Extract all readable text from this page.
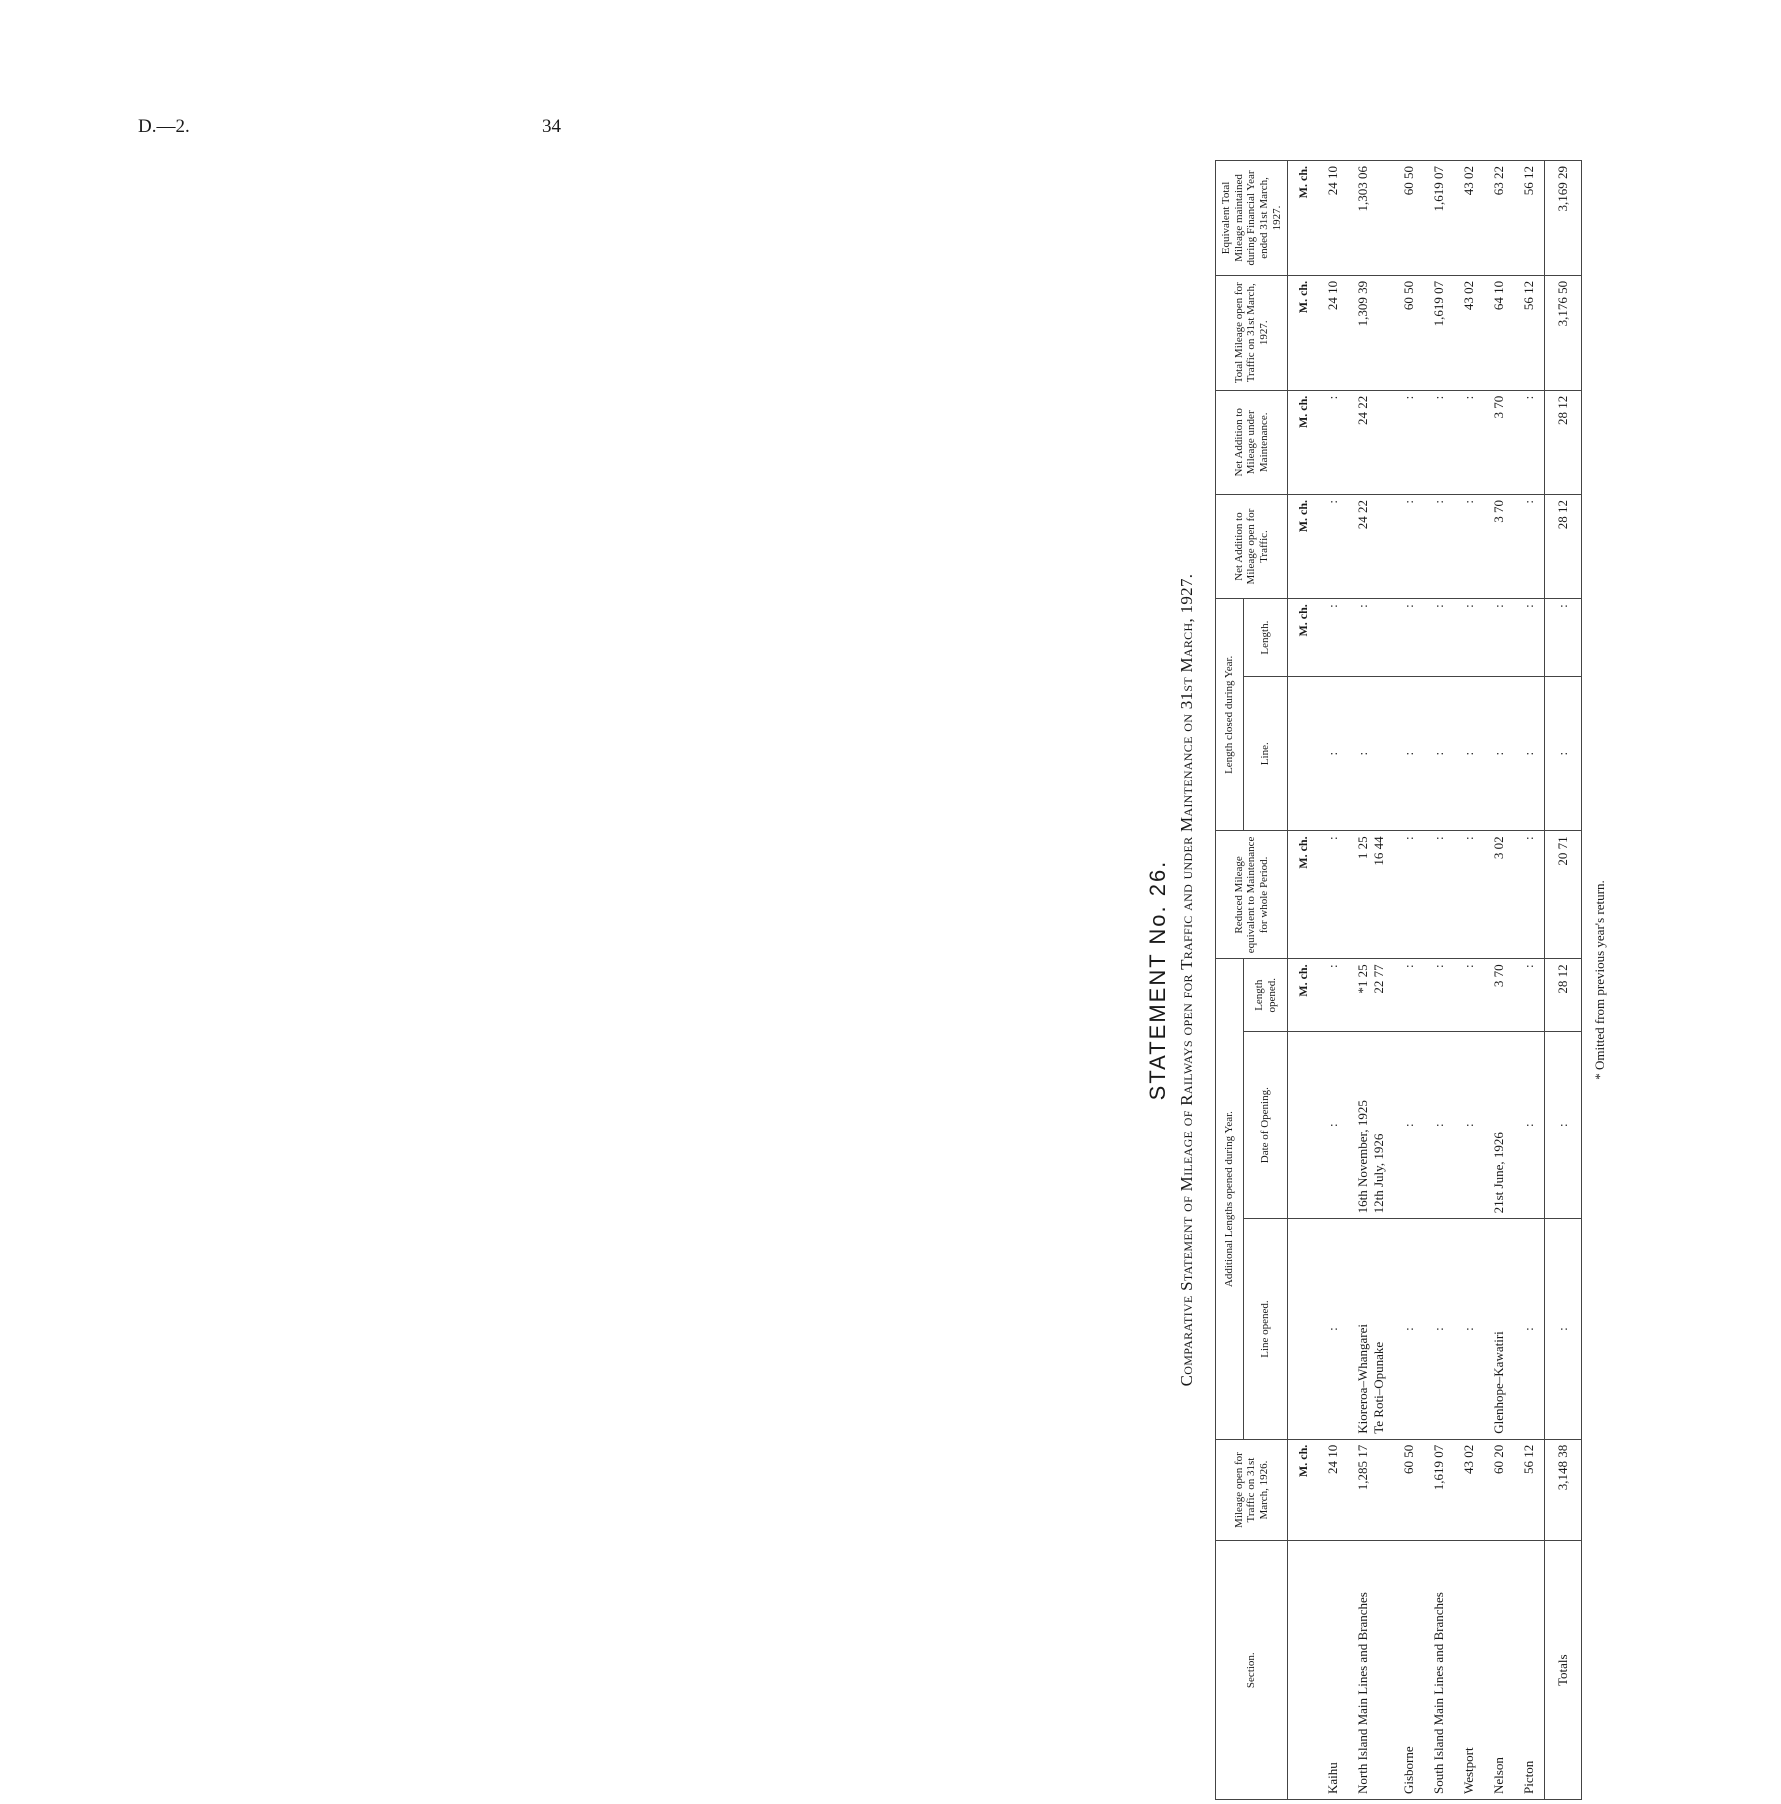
D.—2.	34
STATEMENT No. 26. Comparative Statement of Mileage of Railways open for Traffic and under Maintenance on 31st March, 1927.
Section.	Mileage open for Traffic on 31st March, 1926.	Additional Lengths opened during Year.			Reduced Mileage equivalent to Maintenance for whole Period.	Length closed during Year.		Net Addition to Mileage open for Traffic.	Net Addition to Mileage under Maintenance.	Total Mileage open for Traffic on 31st March, 1927.	Equivalent Total Mileage maintained during Financial Year ended 31st March, 1927.
		Line opened.	Date of Opening.	Length opened.		Line.	Length.				
	M. ch.			M. ch.	M. ch.		M. ch.	M. ch.	M. ch.	M. ch.	M. ch.
Kaihu	24 10	:	:	:	:	:	:	:	:	24 10	24 10
North Island Main Lines and Branches	1,285 17	Kioreroa–Whangarei Te Roti–Opunake	16th November, 1925 12th July, 1926	*1 25 22 77	1 25 16 44	:	:	24 22	24 22	1,309 39	1,303 06
Gisborne	60 50	:	:	:	:	:	:	:	:	60 50	60 50
South Island Main Lines and Branches	1,619 07	:	:	:	:	:	:	:	:	1,619 07	1,619 07
Westport	43 02	:	:	:	:	:	:	:	:	43 02	43 02
Nelson	60 20	Glenhope–Kawatiri	21st June, 1926	3 70	3 02	:	:	3 70	3 70	64 10	63 22
Picton	56 12	:	:	:	:	:	:	:	:	56 12	56 12
Totals	3,148 38	:	:	28 12	20 71	:	:	28 12	28 12	3,176 50	3,169 29
* Omitted from previous year's return.
